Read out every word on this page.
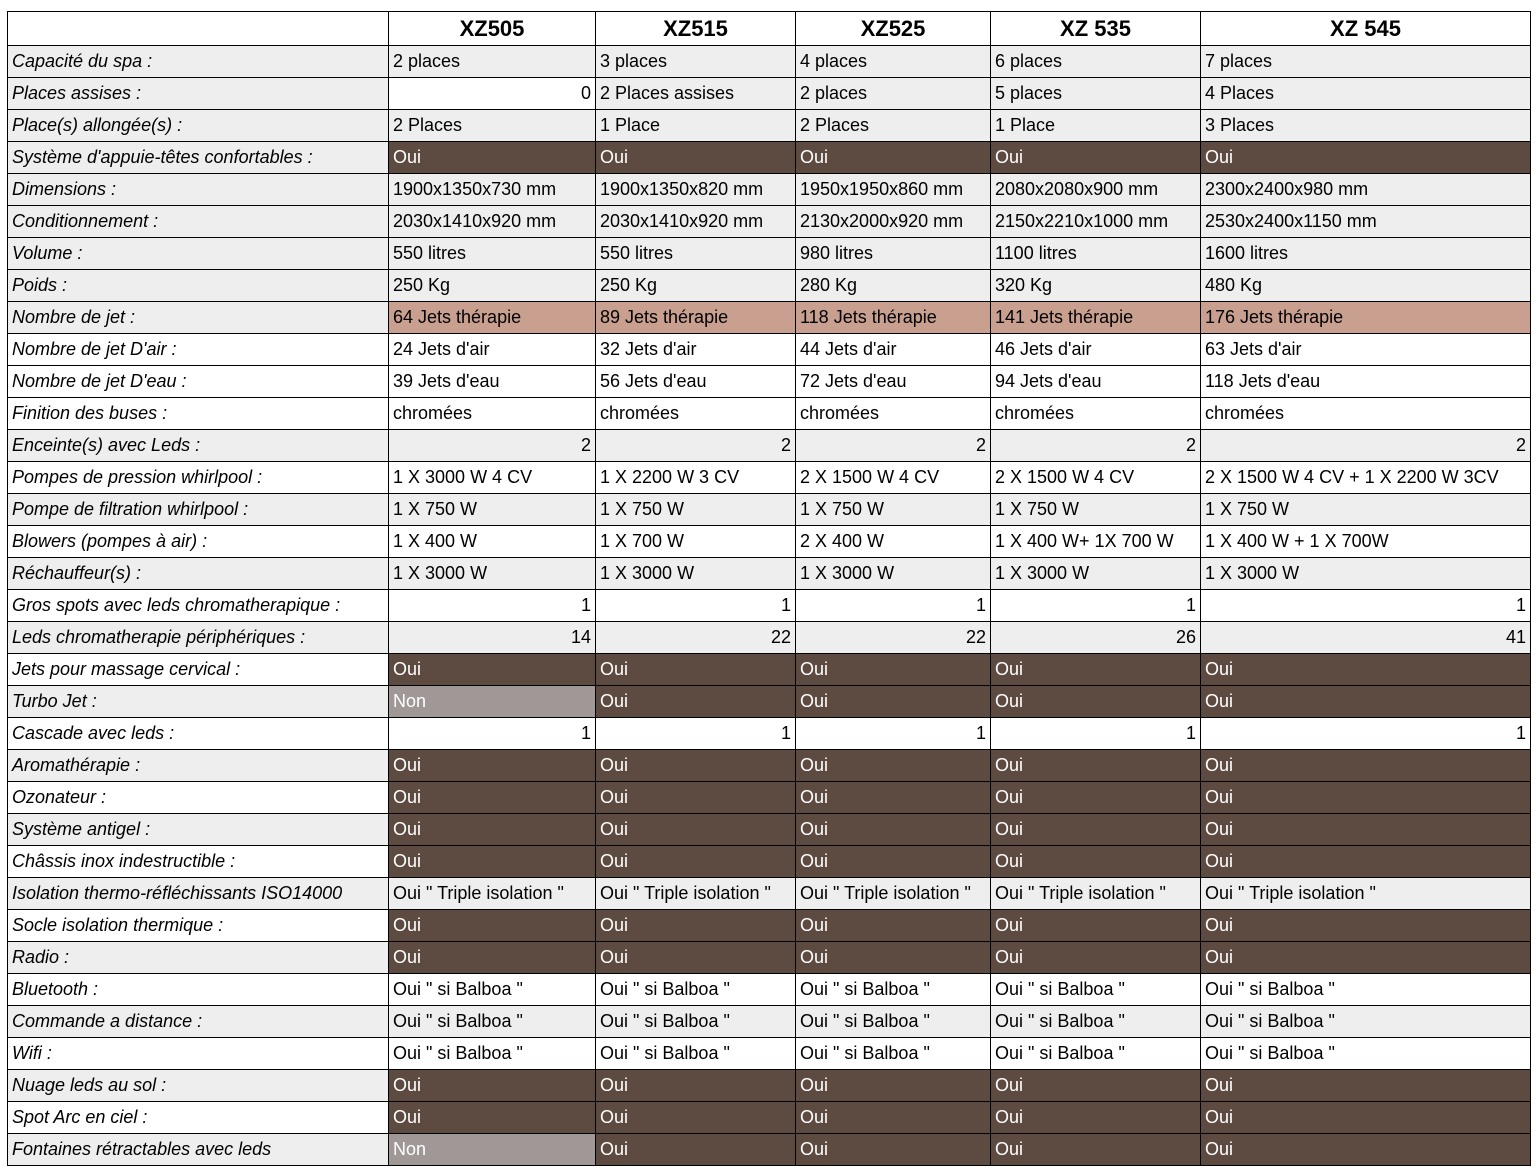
	XZ505	XZ515	XZ525	XZ 535	XZ 545
Capacité du spa :	2 places	3 places	4 places	6 places	7 places
Places assises :	0	2 Places assises	2 places	5 places	4 Places
Place(s) allongée(s) :	2 Places	1 Place	2 Places	1 Place	3 Places
Système d'appuie-têtes confortables :	Oui	Oui	Oui	Oui	Oui
Dimensions :	1900x1350x730 mm	1900x1350x820 mm	1950x1950x860 mm	2080x2080x900 mm	2300x2400x980 mm
Conditionnement :	2030x1410x920 mm	2030x1410x920 mm	2130x2000x920 mm	2150x2210x1000 mm	2530x2400x1150 mm
Volume :	550 litres	550 litres	980 litres	1100 litres	1600 litres
Poids :	250 Kg	250 Kg	280 Kg	320 Kg	480 Kg
Nombre de jet :	64 Jets thérapie	89 Jets thérapie	118 Jets thérapie	141 Jets thérapie	176 Jets thérapie
Nombre de jet D'air :	24 Jets d'air	32 Jets d'air	44 Jets d'air	46 Jets d'air	63 Jets d'air
Nombre de jet D'eau :	39 Jets d'eau	56 Jets d'eau	72 Jets d'eau	94 Jets d'eau	118 Jets d'eau
Finition des buses :	chromées	chromées	chromées	chromées	chromées
Enceinte(s) avec Leds :	2	2	2	2	2
Pompes de pression whirlpool :	1 X 3000 W 4 CV	1 X 2200 W 3 CV	2 X 1500 W 4 CV	2 X 1500 W 4 CV	2 X 1500 W 4 CV + 1 X 2200 W 3CV
Pompe de filtration whirlpool :	1 X 750 W	1 X 750 W	1 X 750 W	1 X 750 W	1 X 750 W
Blowers (pompes à air) :	1 X 400 W	1 X 700 W	2 X 400 W	1 X 400 W+ 1X 700 W	1 X 400 W + 1 X 700W
Réchauffeur(s) :	1 X 3000 W	1 X 3000 W	1 X 3000 W	1 X 3000 W	1 X 3000 W
Gros spots avec leds chromatherapique :	1	1	1	1	1
Leds chromatherapie périphériques :	14	22	22	26	41
Jets pour massage cervical :	Oui	Oui	Oui	Oui	Oui
Turbo Jet :	Non	Oui	Oui	Oui	Oui
Cascade avec leds :	1	1	1	1	1
Aromathérapie :	Oui	Oui	Oui	Oui	Oui
Ozonateur :	Oui	Oui	Oui	Oui	Oui
Système antigel :	Oui	Oui	Oui	Oui	Oui
Châssis inox indestructible :	Oui	Oui	Oui	Oui	Oui
Isolation thermo-réfléchissants ISO14000	Oui " Triple isolation "	Oui " Triple isolation "	Oui " Triple isolation "	Oui " Triple isolation "	Oui " Triple isolation "
Socle isolation thermique :	Oui	Oui	Oui	Oui	Oui
Radio :	Oui	Oui	Oui	Oui	Oui
Bluetooth :	Oui " si Balboa "	Oui " si Balboa "	Oui " si Balboa "	Oui " si Balboa "	Oui " si Balboa "
Commande a distance :	Oui " si Balboa "	Oui " si Balboa "	Oui " si Balboa "	Oui " si Balboa "	Oui " si Balboa "
Wifi :	Oui " si Balboa "	Oui " si Balboa "	Oui " si Balboa "	Oui " si Balboa "	Oui " si Balboa "
Nuage leds au sol :	Oui	Oui	Oui	Oui	Oui
Spot Arc en ciel :	Oui	Oui	Oui	Oui	Oui
Fontaines rétractables avec leds	Non	Oui	Oui	Oui	Oui
